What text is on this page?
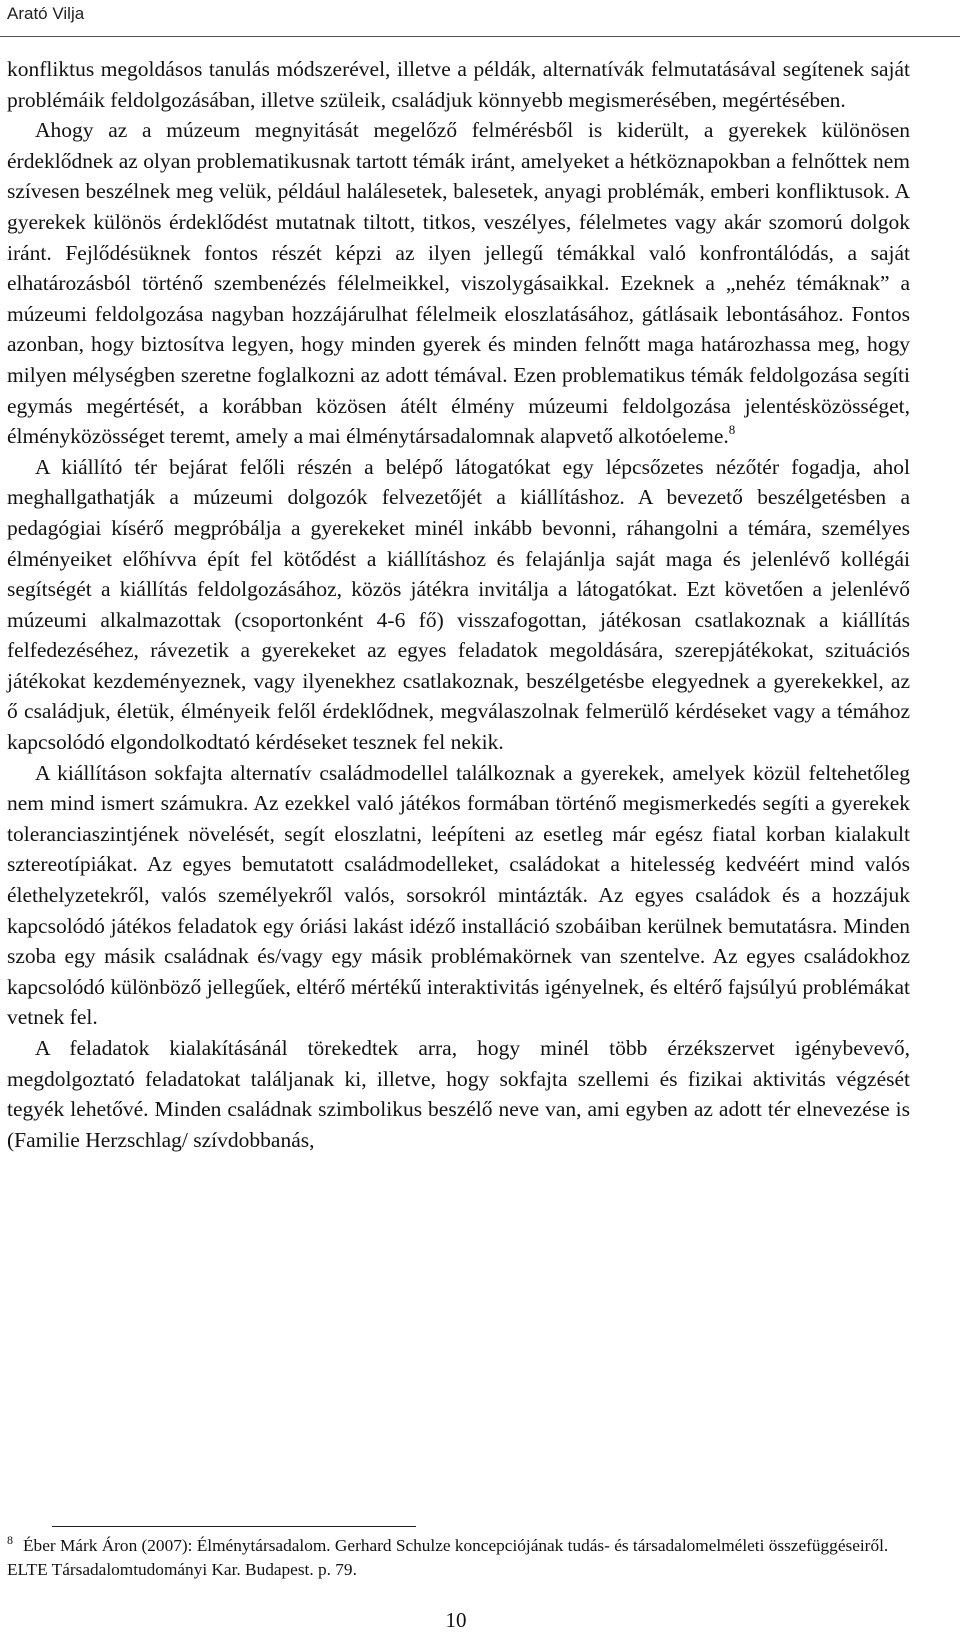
Arató Vilja

konfliktus megoldásos tanulás módszerével, illetve a példák, alternatívák felmutatásával segítenek saját problémáik feldolgozásában, illetve szüleik, családjuk könnyebb megismerésében, megértésében.

Ahogy az a múzeum megnyitását megelőző felmérésből is kiderült, a gyerekek különösen érdeklődnek az olyan problematikusnak tartott témák iránt, amelyeket a hétköznapokban a felnőttek nem szívesen beszélnek meg velük, például halálesetek, balesetek, anyagi problémák, emberi konfliktusok. A gyerekek különös érdeklődést mutatnak tiltott, titkos, veszélyes, félelmetes vagy akár szomorú dolgok iránt. Fejlődésüknek fontos részét képzi az ilyen jellegű témákkal való konfrontálódás, a saját elhatározásból történő szembenézés félelmeikkel, viszolygásaikkal. Ezeknek a „nehéz témáknak” a múzeumi feldolgozása nagyban hozzájárulhat félelmeik eloszlatásához, gátlásaik lebontásához. Fontos azonban, hogy biztosítva legyen, hogy minden gyerek és minden felnőtt maga határozhassa meg, hogy milyen mélységben szeretne foglalkozni az adott témával. Ezen problematikus témák feldolgozása segíti egymás megértését, a korábban közösen átélt élmény múzeumi feldolgozása jelentésközösséget, élményközösséget teremt, amely a mai élménytársadalomnak alapvető alkotóeleme.$^8$

A kiállító tér bejárat felőli részén a belépő látogatókat egy lépcsőzetes nézőtér fogadja, ahol meghallgathatják a múzeumi dolgozók felvezetőjét a kiállításhoz. A bevezető beszélgetésben a pedagógiai kísérő megpróbálja a gyerekeket minél inkább bevonni, ráhangolni a témára, személyes élményeiket előhívva épít fel kötődést a kiállításhoz és felajánlja saját maga és jelenlévő kollégái segítségét a kiállítás feldolgozásához, közös játékra invitálja a látogatókat. Ezt követően a jelenlévő múzeumi alkalmazottak (csoportonként 4-6 fő) visszafogottan, játékosan csatlakoznak a kiállítás felfedezéséhez, rávezetik a gyerekeket az egyes feladatok megoldására, szerepjátékokat, szituációs játékokat kezdeményeznek, vagy ilyenekhez csatlakoznak, beszélgetésbe elegyednek a gyerekekkel, az ő családjuk, életük, élményeik felől érdeklődnek, megválaszolnak felmerülő kérdéseket vagy a témához kapcsolódó elgondolkodtató kérdéseket tesznek fel nekik.

A kiállításon sokfajta alternatív családmodellel találkoznak a gyerekek, amelyek közül feltehetőleg nem mind ismert számukra. Az ezekkel való játékos formában történő megismerkedés segíti a gyerekek toleranciaszintjének növelését, segít eloszlatni, leépíteni az esetleg már egész fiatal korban kialakult sztereotípiákat. Az egyes bemutatott családmodelleket, családokat a hitelesség kedvéért mind valós élethelyzetekről, valós személyekről valós, sorsokról mintázták. Az egyes családok és a hozzájuk kapcsolódó játékos feladatok egy óriási lakást idéző installáció szobáiban kerülnek bemutatásra. Minden szoba egy másik családnak és/vagy egy másik problémakörnek van szentelve. Az egyes családokhoz kapcsolódó különböző jellegűek, eltérő mértékű interaktivitás igényelnek, és eltérő fajsúlyú problémákat vetnek fel.

A feladatok kialakításánál törekedtek arra, hogy minél több érzékszervet igénybevevő, megdolgoztató feladatokat találjanak ki, illetve, hogy sokfajta szellemi és fizikai aktivitás végzését tegyék lehetővé. Minden családnak szimbolikus beszélő neve van, ami egyben az adott tér elnevezése is (Familie Herzschlag/ szívdobbanás,

$^8$ Éber Márk Áron (2007): Élménytársadalom. Gerhard Schulze koncepciójának tudás- és társadalomelméleti összefüggéseiről. ELTE Társadalomtudományi Kar. Budapest. p. 79.

10
